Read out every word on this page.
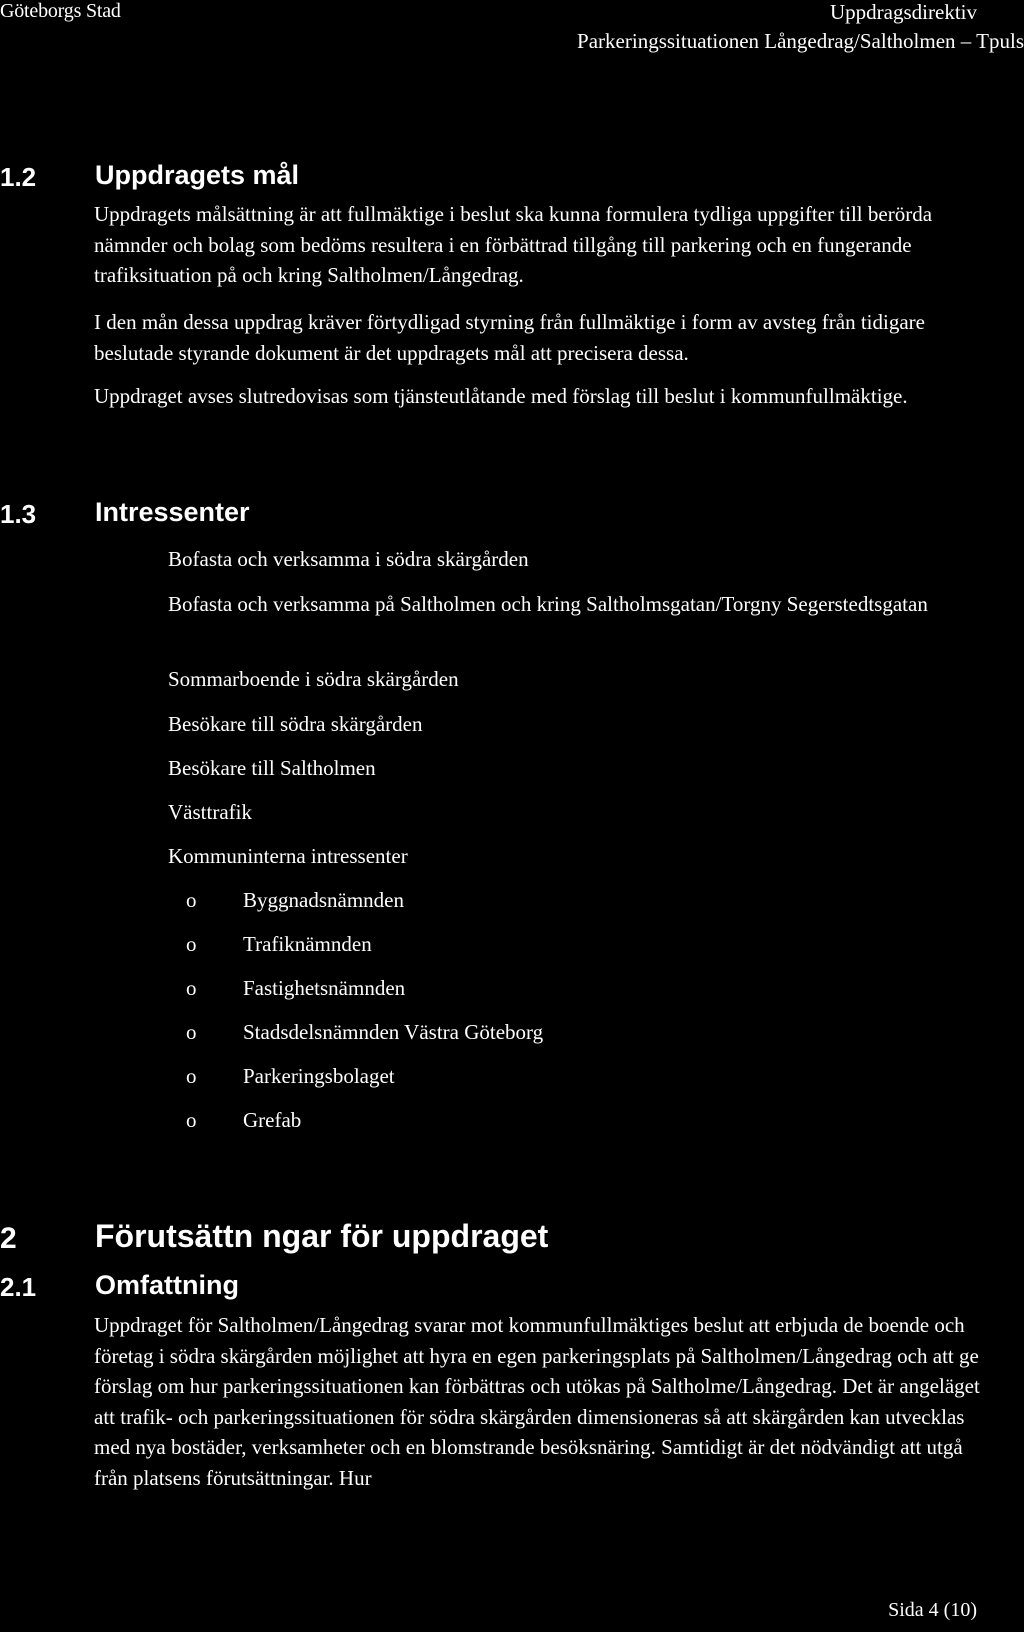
Göteborgs Stad	Uppdragsdirektiv
Parkeringssituationen Långedrag/Saltholmen – Tpuls
1.2 Uppdragets mål
Uppdragets målsättning är att fullmäktige i beslut ska kunna formulera tydliga uppgifter till berörda nämnder och bolag som bedöms resultera i en förbättrad tillgång till parkering och en fungerande trafiksituation på och kring Saltholmen/Långedrag.
I den mån dessa uppdrag kräver förtydligad styrning från fullmäktige i form av avsteg från tidigare beslutade styrande dokument är det uppdragets mål att precisera dessa.
Uppdraget avses slutredovisas som tjänsteutlåtande med förslag till beslut i kommunfullmäktige.
1.3 Intressenter
Bofasta och verksamma i södra skärgården
Bofasta och verksamma på Saltholmen och kring Saltholmsgatan/Torgny Segerstedtsgatan
Sommarboende i södra skärgården
Besökare till södra skärgården
Besökare till Saltholmen
Västtrafik
Kommuninterna intressenter
o Byggnadsnämnden
o Trafiknämnden
o Fastighetsnämnden
o Stadsdelsnämnden Västra Göteborg
o Parkeringsbolaget
o Grefab
2 Förutsättn ngar för uppdraget
2.1 Omfattning
Uppdraget för Saltholmen/Långedrag svarar mot kommunfullmäktiges beslut att erbjuda de boende och företag i södra skärgården möjlighet att hyra en egen parkeringsplats på Saltholmen/Långedrag och att ge förslag om hur parkeringssituationen kan förbättras och utökas på Saltholme/Långedrag. Det är angeläget att trafik- och parkeringssituationen för södra skärgården dimensioneras så att skärgården kan utvecklas med nya bostäder, verksamheter och en blomstrande besöksnäring. Samtidigt är det nödvändigt att utgå från platsens förutsättningar. Hur
Sida 4 (10)
